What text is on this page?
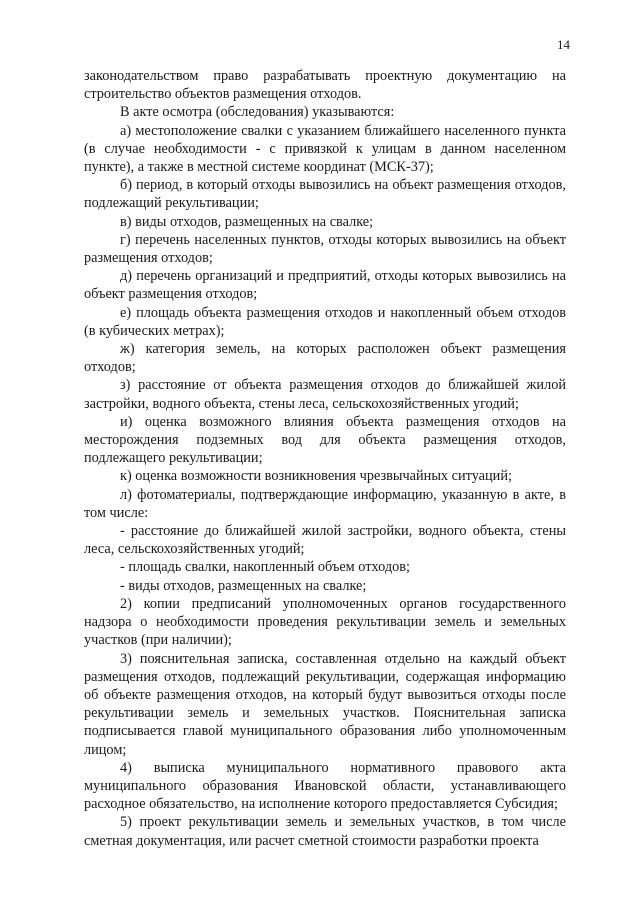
14

законодательством право разрабатывать проектную документацию на строительство объектов размещения отходов.

В акте осмотра (обследования) указываются:

а) местоположение свалки с указанием ближайшего населенного пункта (в случае необходимости - с привязкой к улицам в данном населенном пункте), а также в местной системе координат (МСК-37);

б) период, в который отходы вывозились на объект размещения отходов, подлежащий рекультивации;

в) виды отходов, размещенных на свалке;

г) перечень населенных пунктов, отходы которых вывозились на объект размещения отходов;

д) перечень организаций и предприятий, отходы которых вывозились на объект размещения отходов;

е) площадь объекта размещения отходов и накопленный объем отходов (в кубических метрах);

ж) категория земель, на которых расположен объект размещения отходов;

з) расстояние от объекта размещения отходов до ближайшей жилой застройки, водного объекта, стены леса, сельскохозяйственных угодий;

и) оценка возможного влияния объекта размещения отходов на месторождения подземных вод для объекта размещения отходов, подлежащего рекультивации;

к) оценка возможности возникновения чрезвычайных ситуаций;

л) фотоматериалы, подтверждающие информацию, указанную в акте, в том числе:

- расстояние до ближайшей жилой застройки, водного объекта, стены леса, сельскохозяйственных угодий;

- площадь свалки, накопленный объем отходов;

- виды отходов, размещенных на свалке;

2) копии предписаний уполномоченных органов государственного надзора о необходимости проведения рекультивации земель и земельных участков (при наличии);

3) пояснительная записка, составленная отдельно на каждый объект размещения отходов, подлежащий рекультивации, содержащая информацию об объекте размещения отходов, на который будут вывозиться отходы после рекультивации земель и земельных участков. Пояснительная записка подписывается главой муниципального образования либо уполномоченным лицом;

4) выписка муниципального нормативного правового акта муниципального образования Ивановской области, устанавливающего расходное обязательство, на исполнение которого предоставляется Субсидия;

5) проект рекультивации земель и земельных участков, в том числе сметная документация, или расчет сметной стоимости разработки проекта
